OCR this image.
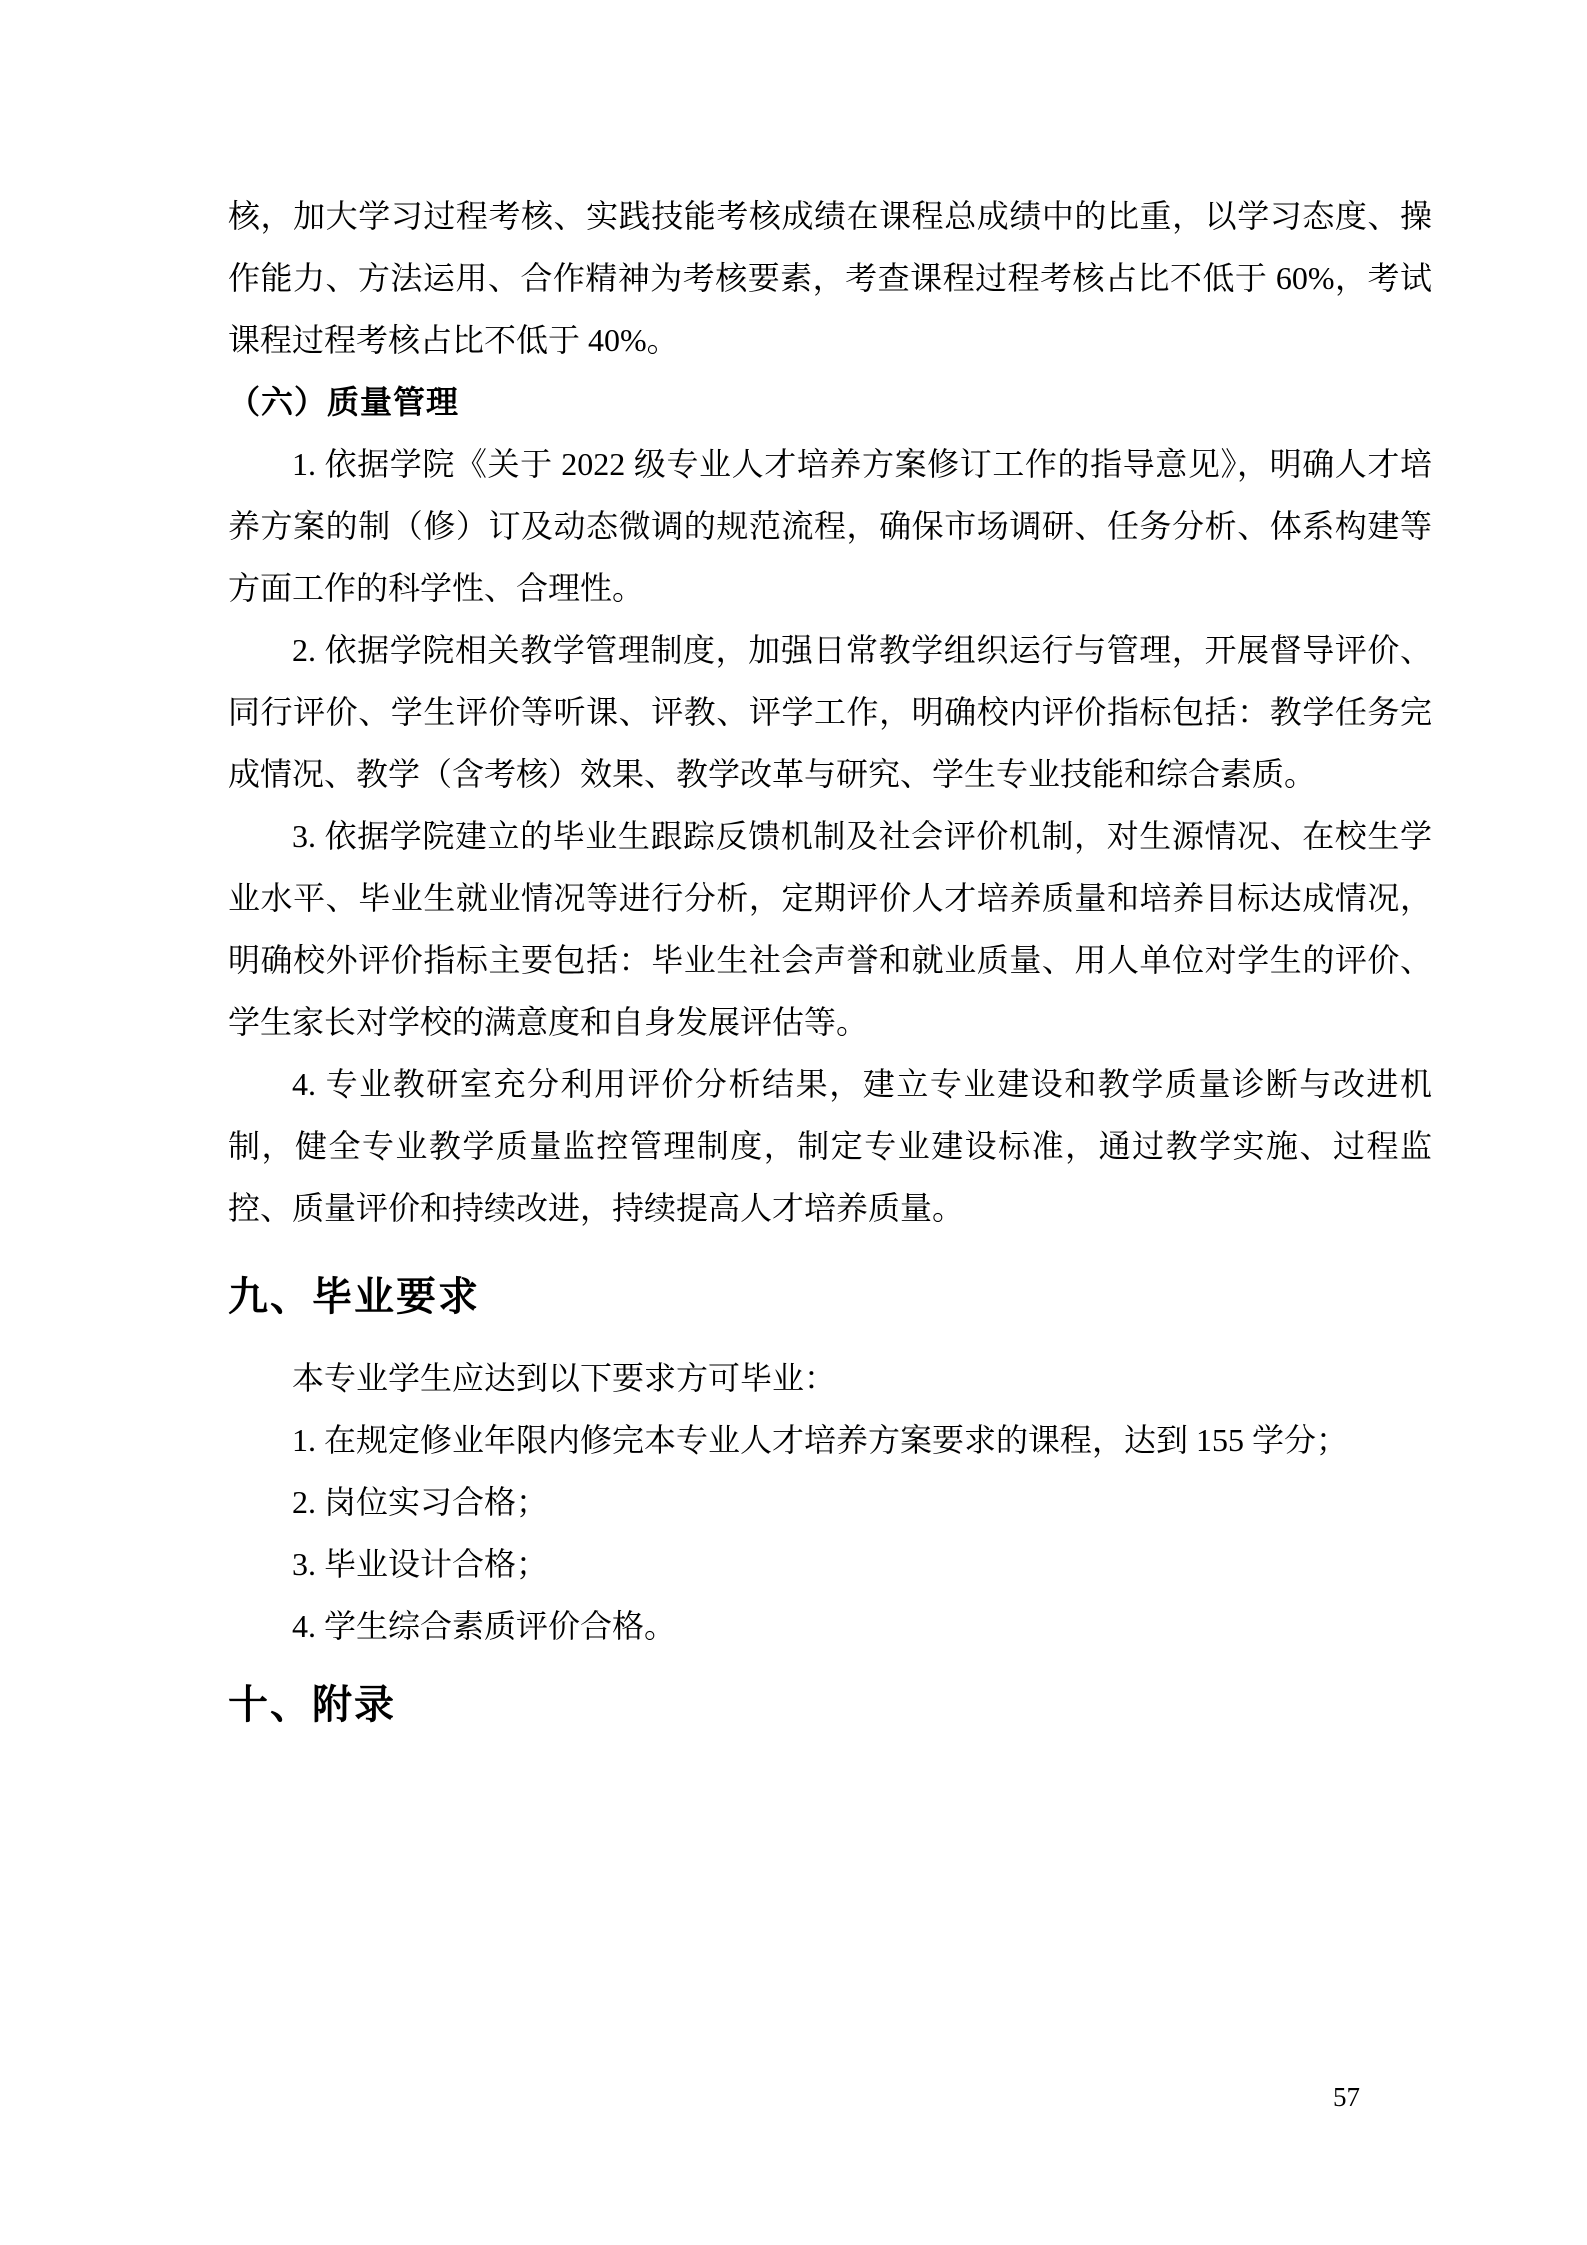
核，加大学习过程考核、实践技能考核成绩在课程总成绩中的比重，以学习态度、操作能力、方法运用、合作精神为考核要素，考查课程过程考核占比不低于 60%，考试课程过程考核占比不低于 40%。

（六）质量管理

1. 依据学院《关于 2022 级专业人才培养方案修订工作的指导意见》，明确人才培养方案的制（修）订及动态微调的规范流程，确保市场调研、任务分析、体系构建等方面工作的科学性、合理性。

2. 依据学院相关教学管理制度，加强日常教学组织运行与管理，开展督导评价、同行评价、学生评价等听课、评教、评学工作，明确校内评价指标包括：教学任务完成情况、教学（含考核）效果、教学改革与研究、学生专业技能和综合素质。

3. 依据学院建立的毕业生跟踪反馈机制及社会评价机制，对生源情况、在校生学业水平、毕业生就业情况等进行分析，定期评价人才培养质量和培养目标达成情况，明确校外评价指标主要包括：毕业生社会声誉和就业质量、用人单位对学生的评价、学生家长对学校的满意度和自身发展评估等。

4. 专业教研室充分利用评价分析结果，建立专业建设和教学质量诊断与改进机制，健全专业教学质量监控管理制度，制定专业建设标准，通过教学实施、过程监控、质量评价和持续改进，持续提高人才培养质量。

九、毕业要求

本专业学生应达到以下要求方可毕业：

1. 在规定修业年限内修完本专业人才培养方案要求的课程，达到 155 学分；

2. 岗位实习合格；

3. 毕业设计合格；

4. 学生综合素质评价合格。

十、附录
57
